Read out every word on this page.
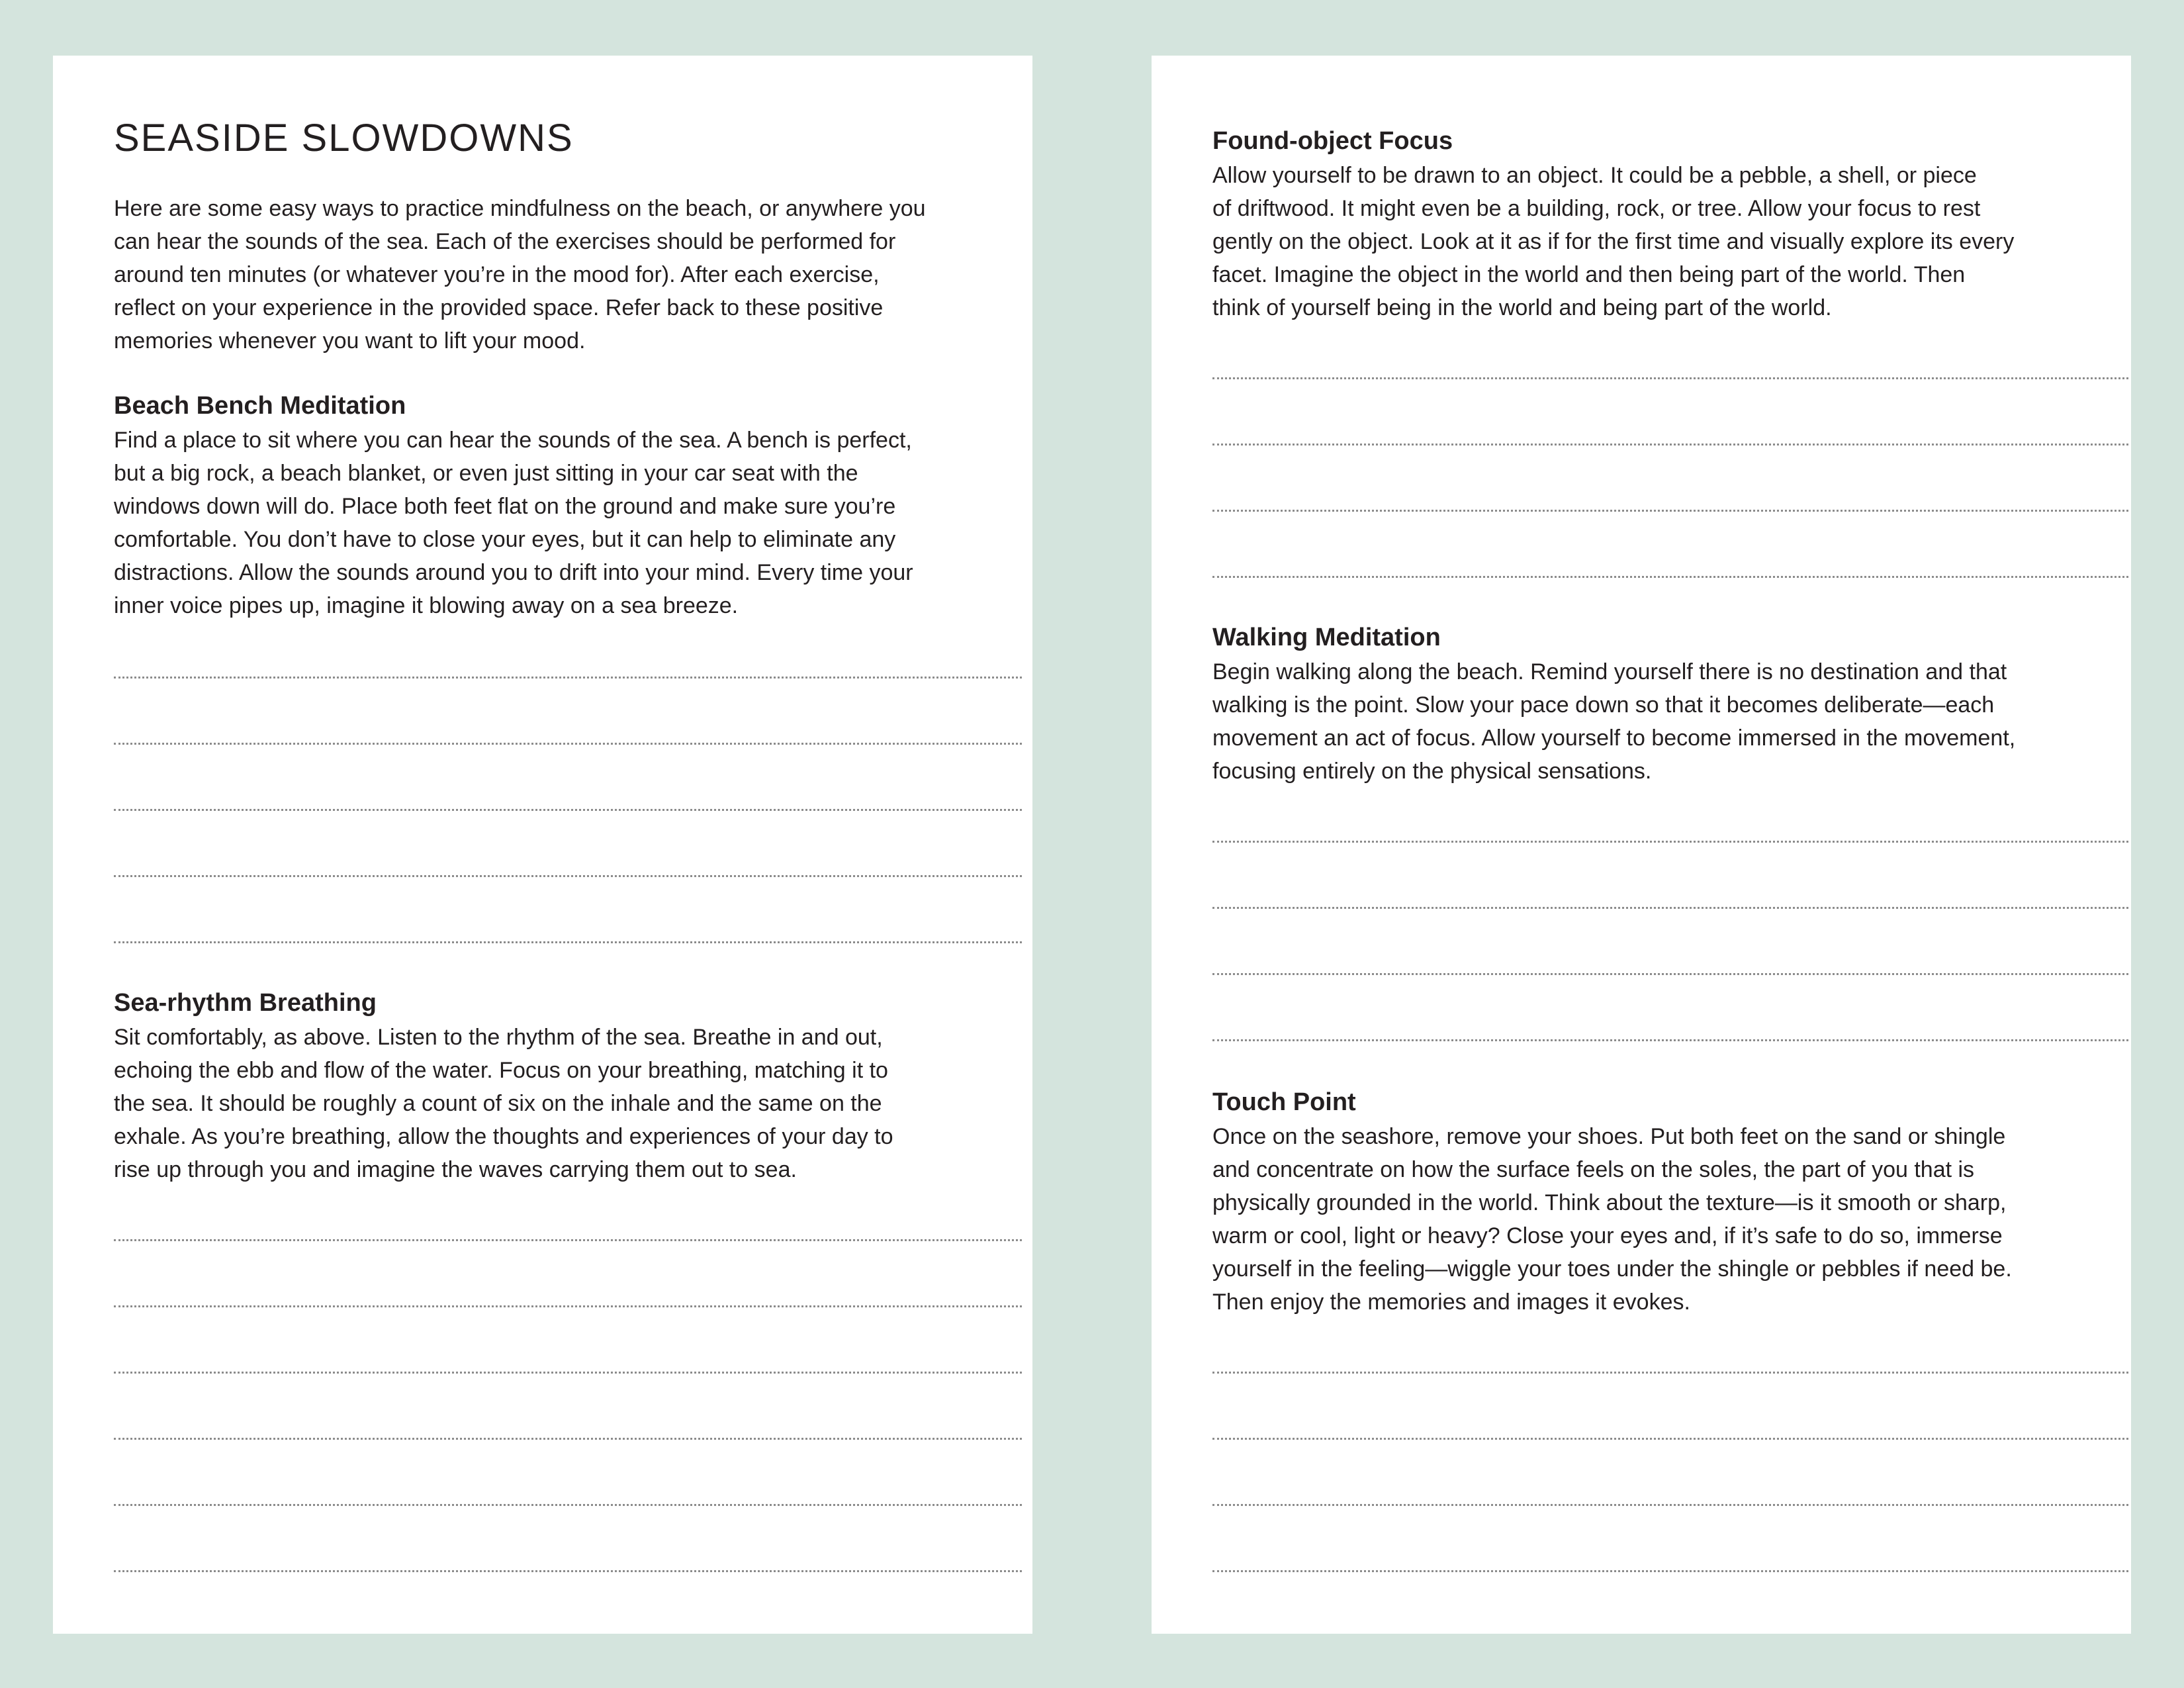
SEASIDE SLOWDOWNS
Here are some easy ways to practice mindfulness on the beach, or anywhere you
can hear the sounds of the sea. Each of the exercises should be performed for
around ten minutes (or whatever you’re in the mood for). After each exercise,
reflect on your experience in the provided space. Refer back to these positive
memories whenever you want to lift your mood.
Beach Bench Meditation
Find a place to sit where you can hear the sounds of the sea. A bench is perfect,
but a big rock, a beach blanket, or even just sitting in your car seat with the
windows down will do. Place both feet flat on the ground and make sure you’re
comfortable. You don’t have to close your eyes, but it can help to eliminate any
distractions. Allow the sounds around you to drift into your mind. Every time your
inner voice pipes up, imagine it blowing away on a sea breeze.
Sea-rhythm Breathing
Sit comfortably, as above. Listen to the rhythm of the sea. Breathe in and out,
echoing the ebb and flow of the water. Focus on your breathing, matching it to
the sea. It should be roughly a count of six on the inhale and the same on the
exhale. As you’re breathing, allow the thoughts and experiences of your day to
rise up through you and imagine the waves carrying them out to sea.
Found-object Focus
Allow yourself to be drawn to an object. It could be a pebble, a shell, or piece
of driftwood. It might even be a building, rock, or tree. Allow your focus to rest
gently on the object. Look at it as if for the first time and visually explore its every
facet. Imagine the object in the world and then being part of the world. Then
think of yourself being in the world and being part of the world.
Walking Meditation
Begin walking along the beach. Remind yourself there is no destination and that
walking is the point. Slow your pace down so that it becomes deliberate—each
movement an act of focus. Allow yourself to become immersed in the movement,
focusing entirely on the physical sensations.
Touch Point
Once on the seashore, remove your shoes. Put both feet on the sand or shingle
and concentrate on how the surface feels on the soles, the part of you that is
physically grounded in the world. Think about the texture—is it smooth or sharp,
warm or cool, light or heavy? Close your eyes and, if it’s safe to do so, immerse
yourself in the feeling—wiggle your toes under the shingle or pebbles if need be.
Then enjoy the memories and images it evokes.
